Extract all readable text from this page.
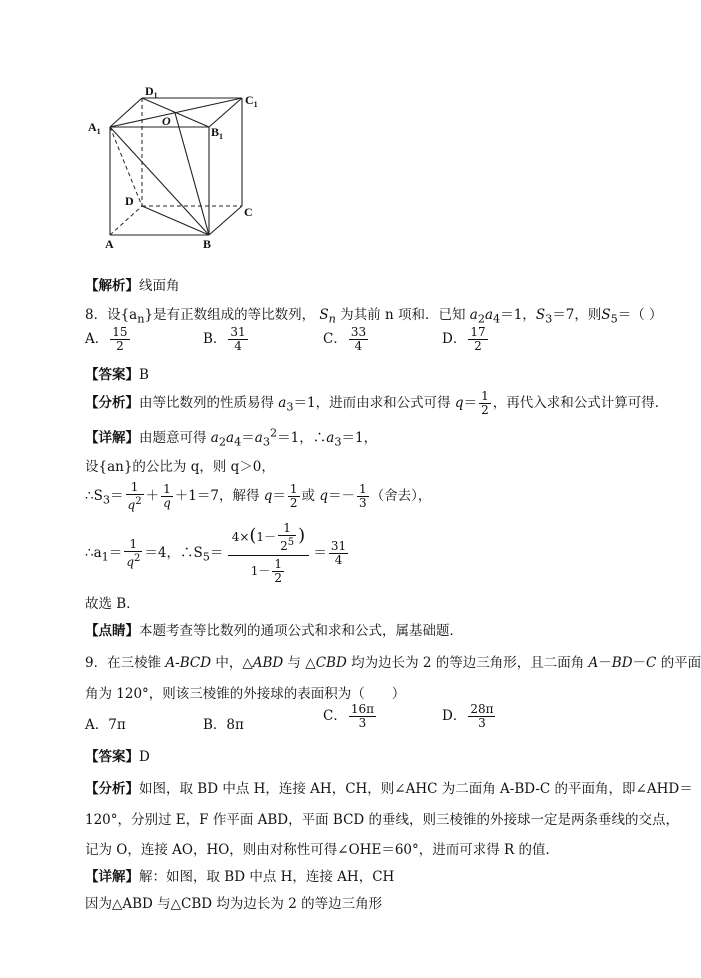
$D_1$	$C_1$
$A_1$	$B_1$
O
D
C
A	B
【解析】线面角
8．设$\{a_n\}$是有正数组成的等比数列， $S_n$ 为其前 n 项和．已知 $a_2a_4=1$，$S_3=7$，则$S_5=$（ ）
A． $\frac{15}{2}$	B． $\frac{31}{4}$	C． $\frac{33}{4}$	D． $\frac{17}{2}$
【答案】B
【分析】由等比数列的性质易得 $a_3=1$，进而由求和公式可得 $q= \frac{1}{2}$ ，再代入求和公式计算可得．
【详解】由题意可得 $a_2a_4=a_3^2=1$，$\therefore a_3=1$，
设{an}的公比为 q，则 q＞0，
$\therefore S_3= \frac{1}{q^2} + \frac{1}{q} +1=7$，解得 $q= \frac{1}{2}$ 或 $q=- \frac{1}{3}$ （舍去），
$\therefore a_1= \frac{1}{q^2} =4$，$\therefore S_5= \frac{4\times(1- \frac{1}{2^5} )}{1- \frac{1}{2}} = \frac{31}{4}$
故选 B．
【点睛】本题考查等比数列的通项公式和求和公式，属基础题．
9．在三棱锥 A-BCD 中，△ABD 与 △CBD 均为边长为 2 的等边三角形，且二面角 A－BD－C 的平面
角为 120°，则该三棱锥的外接球的表面积为（　　）
A．7π	B．8π
C． $\frac{16\pi}{3}$	D． $\frac{28\pi}{3}$
【答案】D
【分析】如图，取 BD 中点 H，连接 AH，CH，则∠AHC 为二面角 A-BD-C 的平面角，即∠AHD＝
120°，分别过 E，F 作平面 ABD，平面 BCD 的垂线，则三棱锥的外接球一定是两条垂线的交点，
记为 O，连接 AO，HO，则由对称性可得∠OHE＝60°，进而可求得 R 的值．
【详解】解：如图，取 BD 中点 H，连接 AH，CH
因为△ABD 与△CBD 均为边长为 2 的等边三角形
